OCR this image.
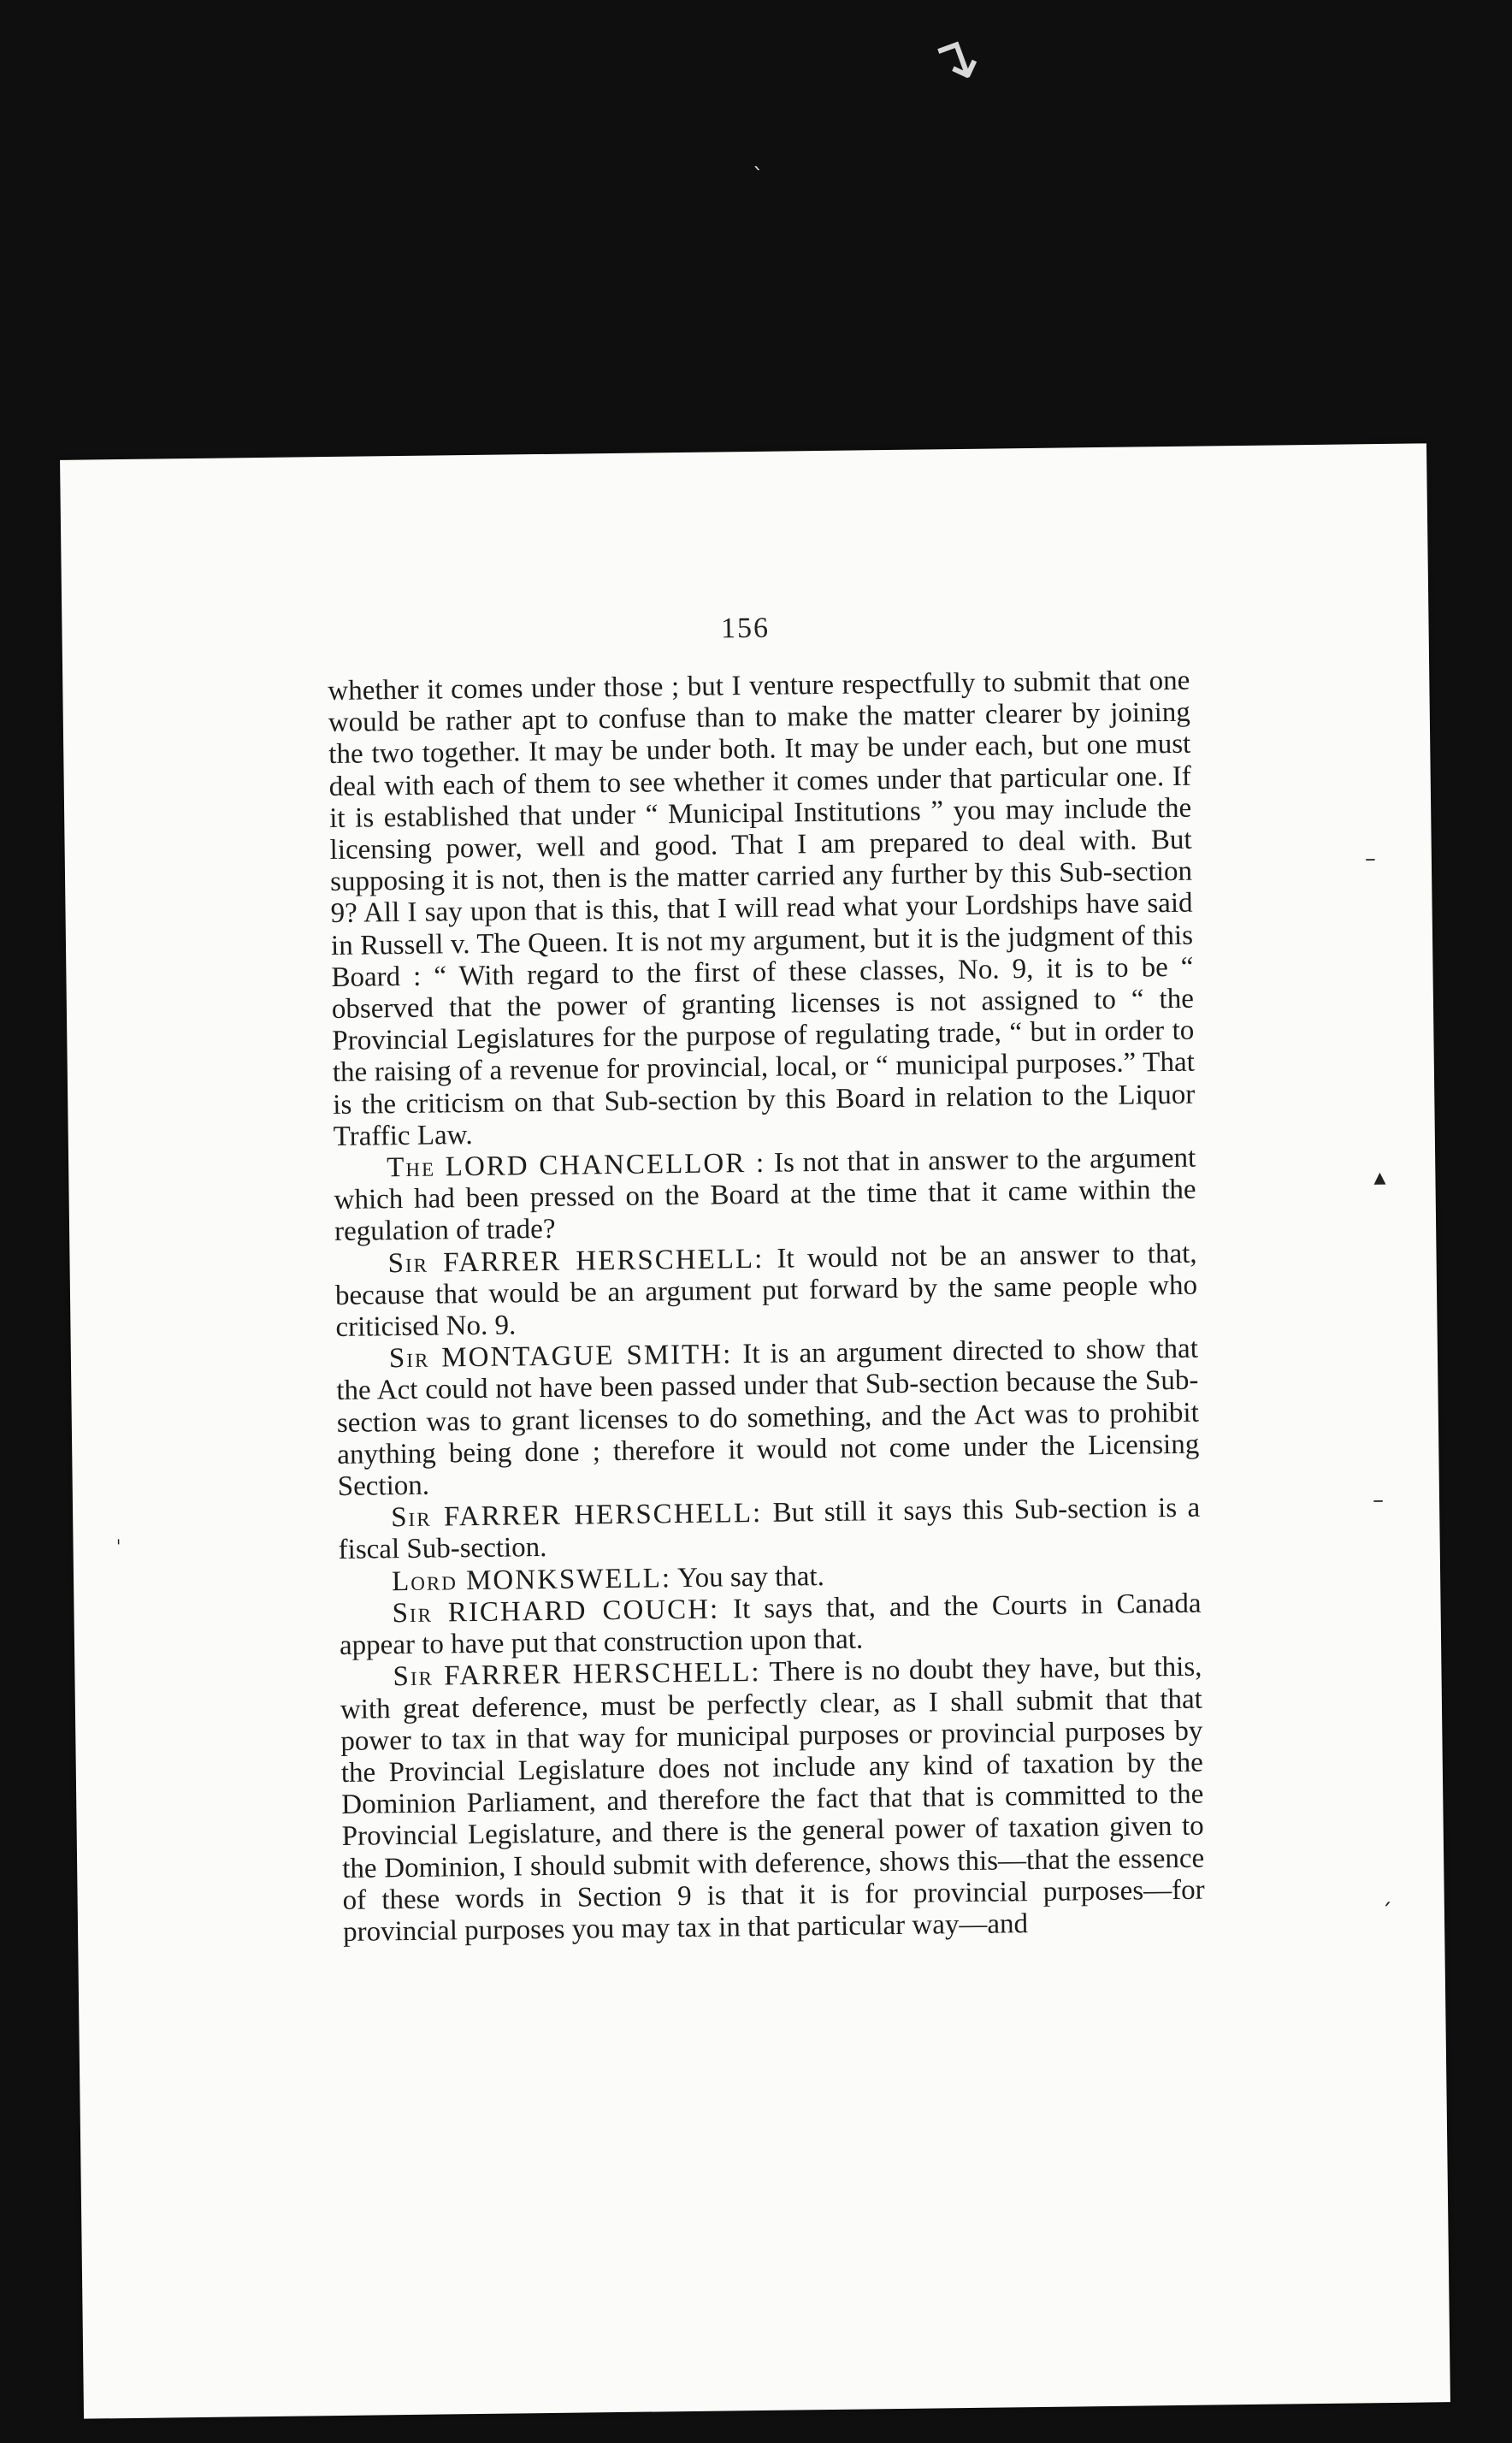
↴
ˎ
156

whether it comes under those ; but I venture respectfully to submit that one would be rather apt to confuse than to make the matter clearer by joining the two together. It may be under both. It may be under each, but one must deal with each of them to see whether it comes under that particular one. If it is established that under “ Municipal Institutions ” you may include the licensing power, well and good. That I am prepared to deal with. But supposing it is not, then is the matter carried any further by this Sub-section 9? All I say upon that is this, that I will read what your Lordships have said in Russell v. The Queen. It is not my argument, but it is the judgment of this Board : “ With regard to the first of these classes, No. 9, it is to be “ observed that the power of granting licenses is not assigned to “ the Provincial Legislatures for the purpose of regulating trade, “ but in order to the raising of a revenue for provincial, local, or “ municipal purposes.” That is the criticism on that Sub-section by this Board in relation to the Liquor Traffic Law.

The LORD CHANCELLOR : Is not that in answer to the argument which had been pressed on the Board at the time that it came within the regulation of trade?

Sir FARRER HERSCHELL: It would not be an answer to that, because that would be an argument put forward by the same people who criticised No. 9.

Sir MONTAGUE SMITH: It is an argument directed to show that the Act could not have been passed under that Sub-section because the Sub-section was to grant licenses to do something, and the Act was to prohibit anything being done ; therefore it would not come under the Licensing Section.

Sir FARRER HERSCHELL: But still it says this Sub-section is a fiscal Sub-section.

Lord MONKSWELL: You say that.

Sir RICHARD COUCH: It says that, and the Courts in Canada appear to have put that construction upon that.

Sir FARRER HERSCHELL: There is no doubt they have, but this, with great deference, must be perfectly clear, as I shall submit that that power to tax in that way for municipal purposes or provincial purposes by the Provincial Legislature does not include any kind of taxation by the Dominion Parliament, and therefore the fact that that is committed to the Provincial Legislature, and there is the general power of taxation given to the Dominion, I should submit with deference, shows this—that the essence of these words in Section 9 is that it is for provincial purposes—for provincial purposes you may tax in that particular way—and

–
▴
–
ˈ
ˏ
